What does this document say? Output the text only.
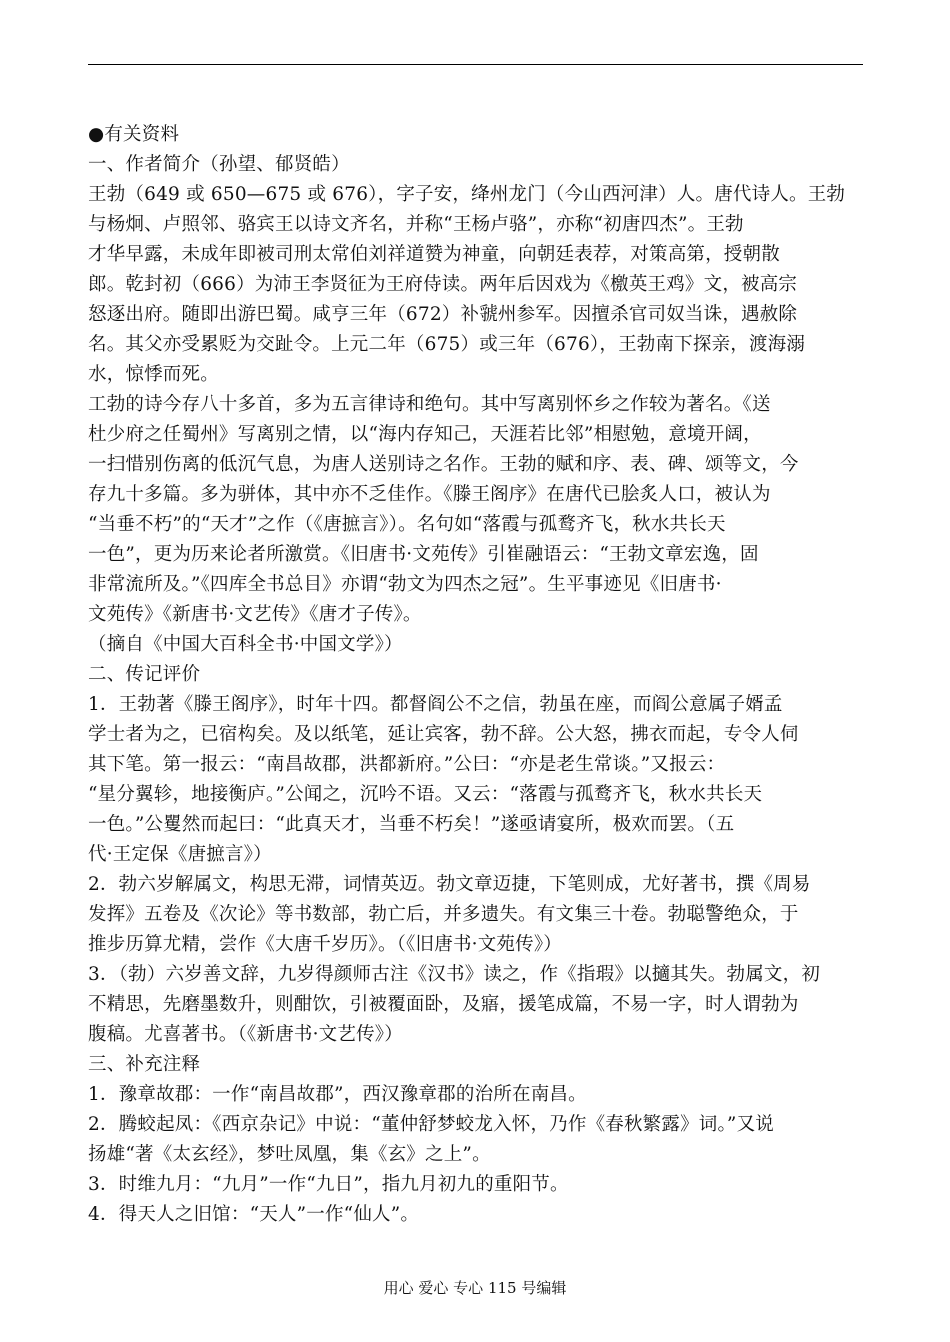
●有关资料
一、作者简介（孙望、郁贤皓）
王勃（649 或 650—675 或 676），字子安，绛州龙门（今山西河津）人。唐代诗人。王勃
与杨炯、卢照邻、骆宾王以诗文齐名，并称“王杨卢骆”，亦称“初唐四杰”。王勃
才华早露，未成年即被司刑太常伯刘祥道赞为神童，向朝廷表荐，对策高第，授朝散
郎。乾封初（666）为沛王李贤征为王府侍读。两年后因戏为《檄英王鸡》文，被高宗
怒逐出府。随即出游巴蜀。咸亨三年（672）补虢州参军。因擅杀官司奴当诛，遇赦除
名。其父亦受累贬为交趾令。上元二年（675）或三年（676），王勃南下探亲，渡海溺
水，惊悸而死。
工勃的诗今存八十多首，多为五言律诗和绝句。其中写离别怀乡之作较为著名。《送
杜少府之任蜀州》写离别之情，以“海内存知己，天涯若比邻”相慰勉，意境开阔，
一扫惜别伤离的低沉气息，为唐人送别诗之名作。王勃的赋和序、表、碑、颂等文，今
存九十多篇。多为骈体，其中亦不乏佳作。《滕王阁序》在唐代已脍炙人口，被认为
“当垂不朽”的“天才”之作（《唐摭言》）。名句如“落霞与孤鹜齐飞，秋水共长天
一色”，更为历来论者所激赏。《旧唐书·文苑传》引崔融语云：“王勃文章宏逸，固
非常流所及。”《四库全书总目》亦谓“勃文为四杰之冠”。生平事迹见《旧唐书·
文苑传》《新唐书·文艺传》《唐才子传》。
（摘自《中国大百科全书·中国文学》）
二、传记评价
1．王勃著《滕王阁序》，时年十四。都督阎公不之信，勃虽在座，而阎公意属子婿孟
学士者为之，已宿构矣。及以纸笔，延让宾客，勃不辞。公大怒，拂衣而起，专令人伺
其下笔。第一报云：“南昌故郡，洪都新府。”公曰：“亦是老生常谈。”又报云：
“星分翼轸，地接衡庐。”公闻之，沉吟不语。又云：“落霞与孤鹜齐飞，秋水共长天
一色。”公矍然而起曰：“此真天才，当垂不朽矣！”遂亟请宴所，极欢而罢。（五
代·王定保《唐摭言》）
2．勃六岁解属文，构思无滞，词情英迈。勃文章迈捷，下笔则成，尤好著书，撰《周易
发挥》五卷及《次论》等书数部，勃亡后，并多遗失。有文集三十卷。勃聪警绝众，于
推步历算尤精，尝作《大唐千岁历》。（《旧唐书·文苑传》）
3．（勃）六岁善文辞，九岁得颜师古注《汉书》读之，作《指瑕》以擿其失。勃属文，初
不精思，先磨墨数升，则酣饮，引被覆面卧，及寤，援笔成篇，不易一字，时人谓勃为
腹稿。尤喜著书。（《新唐书·文艺传》）
三、补充注释
1．豫章故郡：一作“南昌故郡”，西汉豫章郡的治所在南昌。
2．腾蛟起凤：《西京杂记》中说：“董仲舒梦蛟龙入怀，乃作《春秋繁露》词。”又说
扬雄“著《太玄经》，梦吐凤凰，集《玄》之上”。
3．时维九月：“九月”一作“九日”，指九月初九的重阳节。
4．得天人之旧馆：“天人”一作“仙人”。
用心 爱心 专心 115 号编辑
